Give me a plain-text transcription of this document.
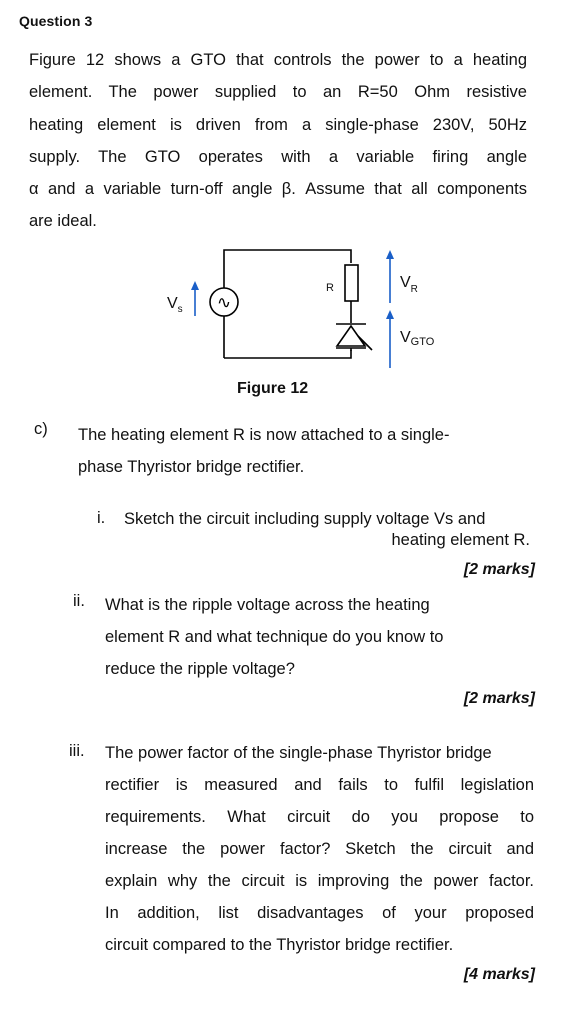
Question 3
Figure 12 shows a GTO that controls the power to a heating
element. The power supplied to an R=50 Ohm resistive
heating element is driven from a single-phase 230V, 50Hz
supply. The GTO operates with a variable firing angle
α and a variable turn-off angle β. Assume that all components
are ideal.
∿
$V_s$
R	$V_R$
VGTO
Figure 12
c) The heating element R is now attached to a single-
phase Thyristor bridge rectifier.
i. Sketch the circuit including supply voltage Vs and
heating element R.
[2 marks]
ii. What is the ripple voltage across the heating
element R and what technique do you know to
reduce the ripple voltage?
[2 marks]
iii. The power factor of the single-phase Thyristor bridge
rectifier is measured and fails to fulfil legislation
requirements. What circuit do you propose to
increase the power factor? Sketch the circuit and
explain why the circuit is improving the power factor.
In addition, list disadvantages of your proposed
circuit compared to the Thyristor bridge rectifier.
[4 marks]
